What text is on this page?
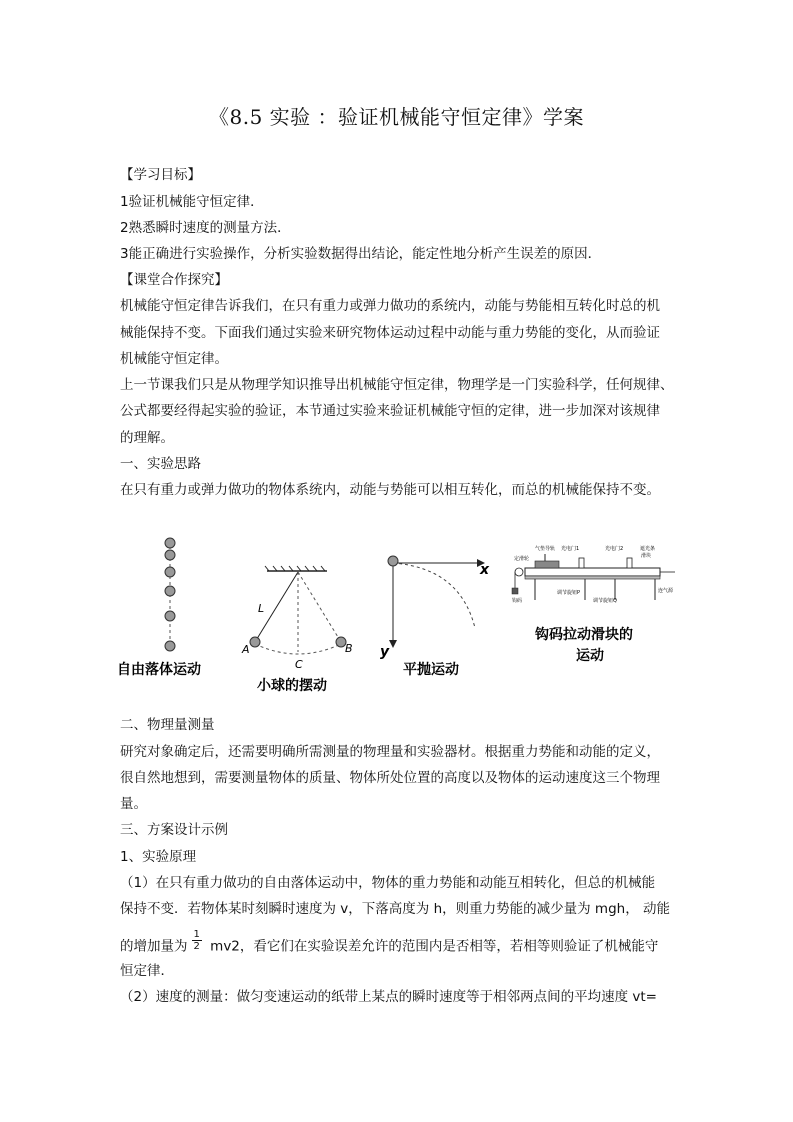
《8.5 实验 ：验证机械能守恒定律》学案
【学习目标】
1验证机械能守恒定律．
2熟悉瞬时速度的测量方法．
3能正确进行实验操作，分析实验数据得出结论，能定性地分析产生误差的原因．
【课堂合作探究】
机械能守恒定律告诉我们，在只有重力或弹力做功的系统内，动能与势能相互转化时总的机
械能保持不变。下面我们通过实验来研究物体运动过程中动能与重力势能的变化，从而验证
机械能守恒定律。
上一节课我们只是从物理学知识推导出机械能守恒定律，物理学是一门实验科学，任何规律、
公式都要经得起实验的验证，本节通过实验来验证机械能守恒的定律，进一步加深对该规律
的理解。
一、实验思路
在只有重力或弹力做功的物体系统内，动能与势能可以相互转化，而总的机械能保持不变。
自由落体运动
L
A	B
C
小球的摆动
x
y
平抛运动
气垫导轨 光电门1	光电门2	遮光条
滑块
定滑轮
钩码
调节旋钮P
调节旋钮Q
连气源
钩码拉动滑块的
运动
二、物理量测量
研究对象确定后，还需要明确所需测量的物理量和实验器材。根据重力势能和动能的定义，
很自然地想到，需要测量物体的质量、物体所处位置的高度以及物体的运动速度这三个物理
量。
三、方案设计示例
1、实验原理
（1）在只有重力做功的自由落体运动中，物体的重力势能和动能互相转化，但总的机械能
保持不变．若物体某时刻瞬时速度为 v，下落高度为 h，则重力势能的减少量为 mgh， 动能
的增加量为 $\frac{1}{2} mv2$，看它们在实验误差允许的范围内是否相等，若相等则验证了机械能守
恒定律．
（2）速度的测量：做匀变速运动的纸带上某点的瞬时速度等于相邻两点间的平均速度 vt=
